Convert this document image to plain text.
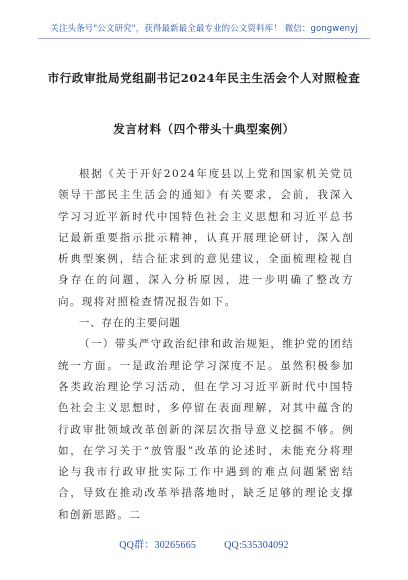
关注头条号"公文研究"，获得最新最全最专业的公文资料库！ 微信：gongwenyj
市行政审批局党组副书记2024年民主生活会个人对照检查
发言材料（四个带头十典型案例）

根据《关于开好2024年度县以上党和国家机关党员领导干部民主生活会的通知》有关要求，会前，我深入学习习近平新时代中国特色社会主义思想和习近平总书记最新重要指示批示精神，认真开展理论研讨，深入剖析典型案例，结合征求到的意见建议，全面梳理检视自身存在的问题，深入分析原因，进一步明确了整改方向。现将对照检查情况报告如下。

一、存在的主要问题

（一）带头严守政治纪律和政治规矩，维护党的团结统一方面。一是政治理论学习深度不足。虽然积极参加各类政治理论学习活动，但在学习习近平新时代中国特色社会主义思想时，多停留在表面理解，对其中蕴含的行政审批领域改革创新的深层次指导意义挖掘不够。例如，在学习关于“放管服”改革的论述时，未能充分将理论与我市行政审批实际工作中遇到的难点问题紧密结合，导致在推动改革举措落地时，缺乏足够的理论支撑和创新思路。二

QQ群：30265665	QQ:535304092
